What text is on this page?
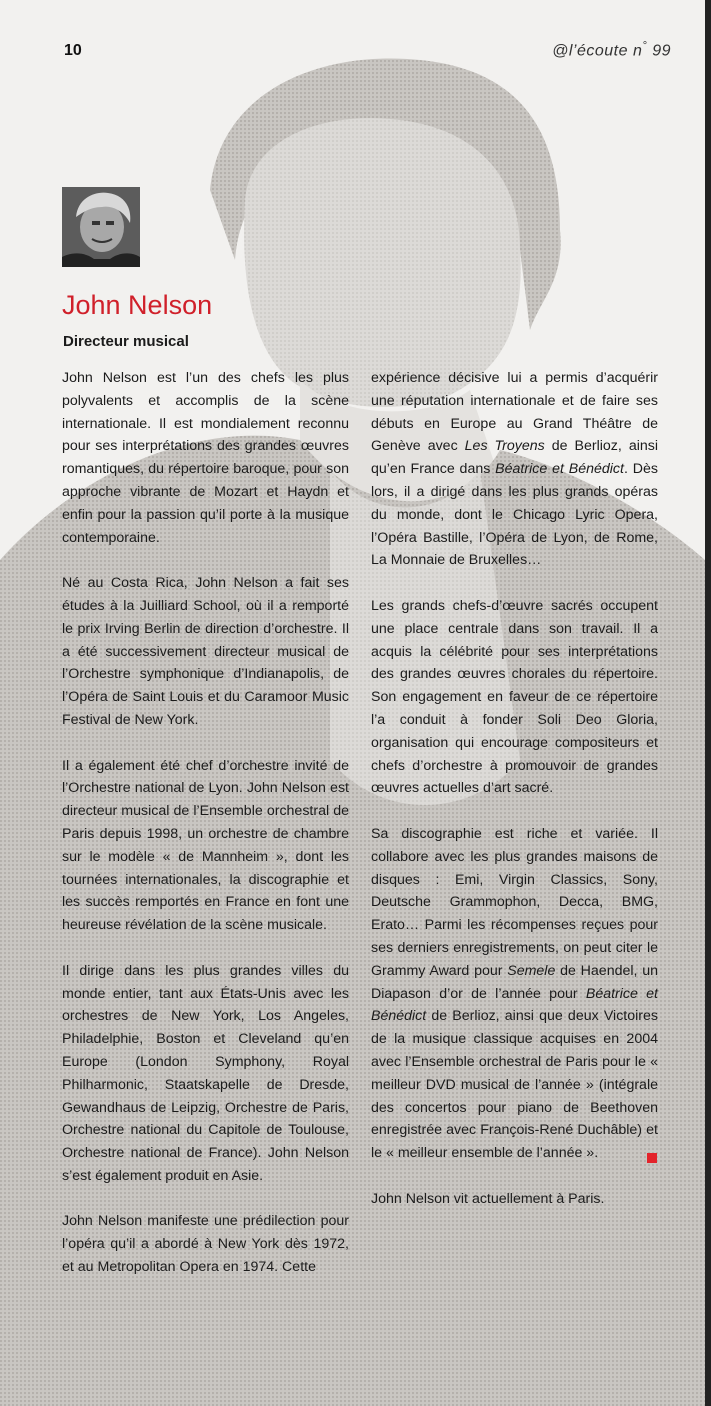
10	@l’écoute n° 99
John Nelson
Directeur musical

John Nelson est l’un des chefs les plus polyvalents et accomplis de la scène internationale. Il est mondialement reconnu pour ses interprétations des grandes œuvres romantiques, du répertoire baroque, pour son approche vibrante de Mozart et Haydn et enfin pour la passion qu’il porte à la musique contemporaine.

Né au Costa Rica, John Nelson a fait ses études à la Juilliard School, où il a remporté le prix Irving Berlin de direction d’orchestre. Il a été successivement directeur musical de l’Orchestre symphonique d’Indianapolis, de l’Opéra de Saint Louis et du Caramoor Music Festival de New York.

Il a également été chef d’orchestre invité de l’Orchestre national de Lyon. John Nelson est directeur musical de l’Ensemble orchestral de Paris depuis 1998, un orchestre de chambre sur le modèle « de Mannheim », dont les tournées internationales, la discographie et les succès remportés en France en font une heureuse révélation de la scène musicale.

Il dirige dans les plus grandes villes du monde entier, tant aux États-Unis avec les orchestres de New York, Los Angeles, Philadelphie, Boston et Cleveland qu’en Europe (London Symphony, Royal Philharmonic, Staatskapelle de Dresde, Gewandhaus de Leipzig, Orchestre de Paris, Orchestre national du Capitole de Toulouse, Orchestre national de France). John Nelson s’est également produit en Asie.

John Nelson manifeste une prédilection pour l’opéra qu’il a abordé à New York dès 1972, et au Metropolitan Opera en 1974. Cette

expérience décisive lui a permis d’acquérir une réputation internationale et de faire ses débuts en Europe au Grand Théâtre de Genève avec Les Troyens de Berlioz, ainsi qu’en France dans Béatrice et Bénédict. Dès lors, il a dirigé dans les plus grands opéras du monde, dont le Chicago Lyric Opera, l’Opéra Bastille, l’Opéra de Lyon, de Rome, La Monnaie de Bruxelles…

Les grands chefs-d’œuvre sacrés occupent une place centrale dans son travail. Il a acquis la célébrité pour ses interprétations des grandes œuvres chorales du répertoire. Son engagement en faveur de ce répertoire l’a conduit à fonder Soli Deo Gloria, organisation qui encourage compositeurs et chefs d’orchestre à promouvoir de grandes œuvres actuelles d’art sacré.

Sa discographie est riche et variée. Il collabore avec les plus grandes maisons de disques : Emi, Virgin Classics, Sony, Deutsche Grammophon, Decca, BMG, Erato… Parmi les récompenses reçues pour ses derniers enregistrements, on peut citer le Grammy Award pour Semele de Haendel, un Diapason d’or de l’année pour Béatrice et Bénédict de Berlioz, ainsi que deux Victoires de la musique classique acquises en 2004 avec l’Ensemble orchestral de Paris pour le « meilleur DVD musical de l’année » (intégrale des concertos pour piano de Beethoven enregistrée avec François-René Duchâble) et le « meilleur ensemble de l’année ».

John Nelson vit actuellement à Paris.
